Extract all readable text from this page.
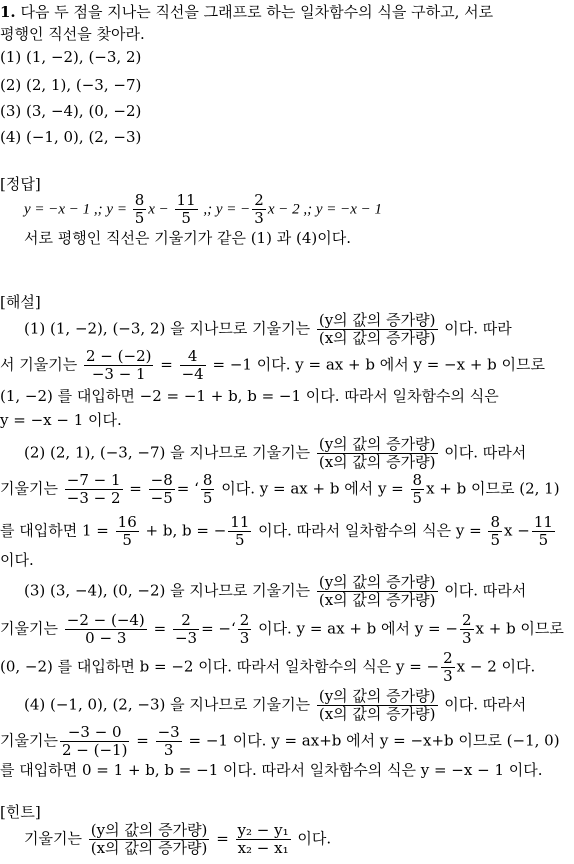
1. 다음 두 점을 지나는 직선을 그래프로 하는 일차함수의 식을 구하고, 서로
평행인 직선을 찾아라.
(1) (1, −2), (−3, 2)
(2) (2, 1), (−3, −7)
(3) (3, −4), (0, −2)
(4) (−1, 0), (2, −3)
[정답]
y = −x − 1 ,; $y = \frac{8}{5}$ $x - \frac{11}{5}$ ,; y = − $\frac{2}{3}$ x − 2 ,; y = −x − 1
서로 평행인 직선은 기울기가 같은 (1) 과 (4)이다.
[해설]
(1) (1, −2), (−3, 2) 을 지나므로 기울기는 $\frac{\text{(y의 값의 증가량)}}{\text{(x의 값의 증가량)}}$ 이다. 따라
서 기울기는 $\frac{2 - (-2)}{-3 - 1} = \frac{4}{-4} = -1$ 이다. y = ax + b 에서 y = −x + b 이므로
(1, −2) 를 대입하면 −2 = −1 + b, b = −1 이다. 따라서 일차함수의 식은
y = −x − 1 이다.
(2) (2, 1), (−3, −7) 을 지나므로 기울기는 $\frac{\text{(y의 값의 증가량)}}{\text{(x의 값의 증가량)}}$ 이다. 따라서
기울기는 $\frac{-7 - 1}{-3 - 2} = \frac{-8}{-5}$ = ‘ $\frac{8}{5}$ 이다. y = ax + b 에서 $y = \frac{8}{5}$ x + b 이므로 (2, 1)
를 대입하면 $1 = \frac{16}{5} + b$, b = − $\frac{11}{5}$ 이다. 따라서 일차함수의 식은 $y = \frac{8}{5}$ $x - \frac{11}{5}$
이다.
(3) (3, −4), (0, −2) 을 지나므로 기울기는 $\frac{\text{(y의 값의 증가량)}}{\text{(x의 값의 증가량)}}$ 이다. 따라서
기울기는 $\frac{-2 - (-4)}{0 - 3} = \frac{2}{-3}$ = −‘ $\frac{2}{3}$ 이다. y = ax + b 에서 y = − $\frac{2}{3}$ x + b 이므로
(0, −2) 를 대입하면 b = −2 이다. 따라서 일차함수의 식은 y = − $\frac{2}{3}$ x − 2 이다.
(4) (−1, 0), (2, −3) 을 지나므로 기울기는 $\frac{\text{(y의 값의 증가량)}}{\text{(x의 값의 증가량)}}$ 이다. 따라서
기울기는 $\frac{-3 - 0}{2 - (-1)} = \frac{-3}{3} = -1$ 이다. y = ax+b 에서 y = −x+b 이므로 (−1, 0)
를 대입하면 0 = 1 + b, b = −1 이다. 따라서 일차함수의 식은 y = −x − 1 이다.
[힌트]
기울기는 $\frac{\text{(y의 값의 증가량)}}{\text{(x의 값의 증가량)}} = \frac{\text{y₂ − y₁}}{\text{x₂ − x₁}}$ 이다.
